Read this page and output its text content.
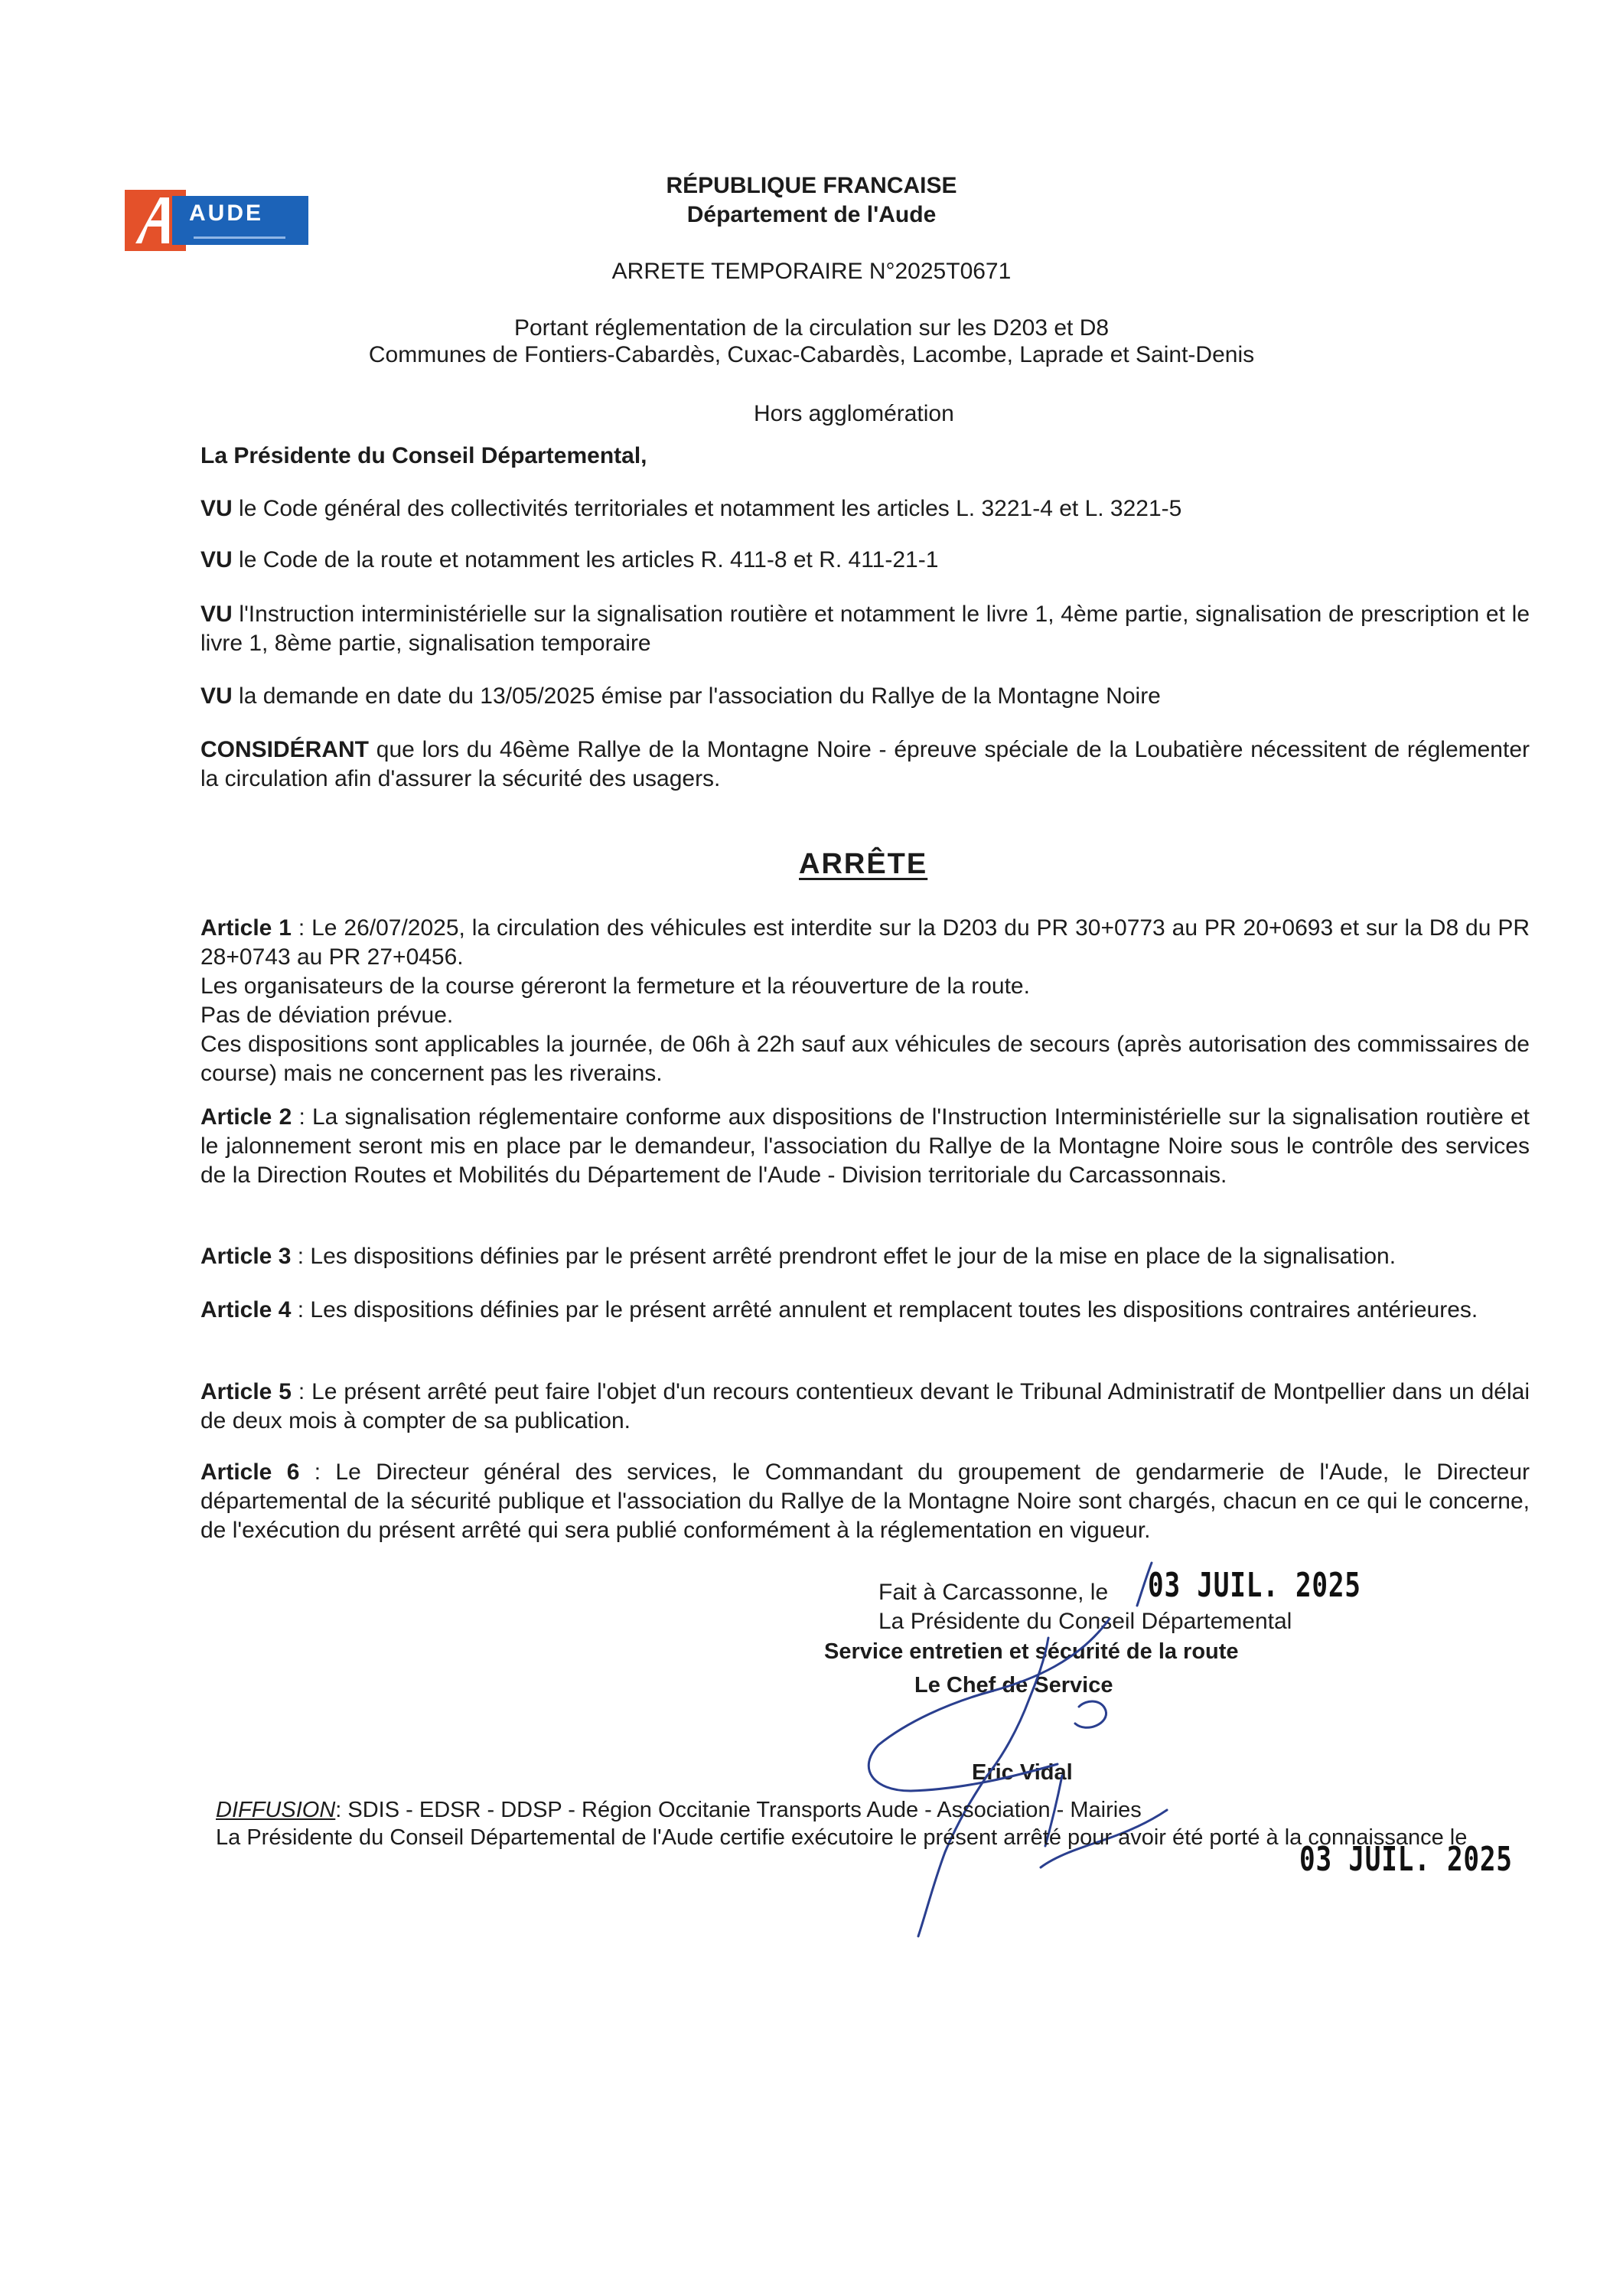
AUDE
RÉPUBLIQUE FRANCAISE
Département de l'Aude
ARRETE TEMPORAIRE N°2025T0671
Portant réglementation de la circulation sur les D203 et D8
Communes de Fontiers-Cabardès, Cuxac-Cabardès, Lacombe, Laprade et Saint-Denis
Hors agglomération
La Présidente du Conseil Départemental,
VU le Code général des collectivités territoriales et notamment les articles L. 3221-4 et L. 3221-5
VU le Code de la route et notamment les articles R. 411-8 et R. 411-21-1
VU l'Instruction interministérielle sur la signalisation routière et notamment le livre 1, 4ème partie, signalisation de prescription et le livre 1, 8ème partie, signalisation temporaire
VU la demande en date du 13/05/2025 émise par l'association du Rallye de la Montagne Noire
CONSIDÉRANT que lors du 46ème Rallye de la Montagne Noire - épreuve spéciale de la Loubatière nécessitent de réglementer la circulation afin d'assurer la sécurité des usagers.
ARRÊTE
Article 1 : Le 26/07/2025, la circulation des véhicules est interdite sur la D203 du PR 30+0773 au PR 20+0693 et sur la D8 du PR 28+0743 au PR 27+0456.
Les organisateurs de la course géreront la fermeture et la réouverture de la route.
Pas de déviation prévue.
Ces dispositions sont applicables la journée, de 06h à 22h sauf aux véhicules de secours (après autorisation des commissaires de course) mais ne concernent pas les riverains.
Article 2 : La signalisation réglementaire conforme aux dispositions de l'Instruction Interministérielle sur la signalisation routière et le jalonnement seront mis en place par le demandeur, l'association du Rallye de la Montagne Noire sous le contrôle des services de la Direction Routes et Mobilités du Département de l'Aude - Division territoriale du Carcassonnais.
Article 3 : Les dispositions définies par le présent arrêté prendront effet le jour de la mise en place de la signalisation.
Article 4 : Les dispositions définies par le présent arrêté annulent et remplacent toutes les dispositions contraires antérieures.
Article 5 : Le présent arrêté peut faire l'objet d'un recours contentieux devant le Tribunal Administratif de Montpellier dans un délai de deux mois à compter de sa publication.
Article 6 : Le Directeur général des services, le Commandant du groupement de gendarmerie de l'Aude, le Directeur départemental de la sécurité publique et l'association du Rallye de la Montagne Noire sont chargés, chacun en ce qui le concerne, de l'exécution du présent arrêté qui sera publié conformément à la réglementation en vigueur.
Fait à Carcassonne, le 03 JUIL. 2025
La Présidente du Conseil Départemental
Service entretien et sécurité de la route
Le Chef de Service
Eric Vidal
DIFFUSION: SDIS - EDSR - DDSP - Région Occitanie Transports Aude - Association - Mairies
La Présidente du Conseil Départemental de l'Aude certifie exécutoire le présent arrêté pour avoir été porté à la connaissance le
03 JUIL. 2025
